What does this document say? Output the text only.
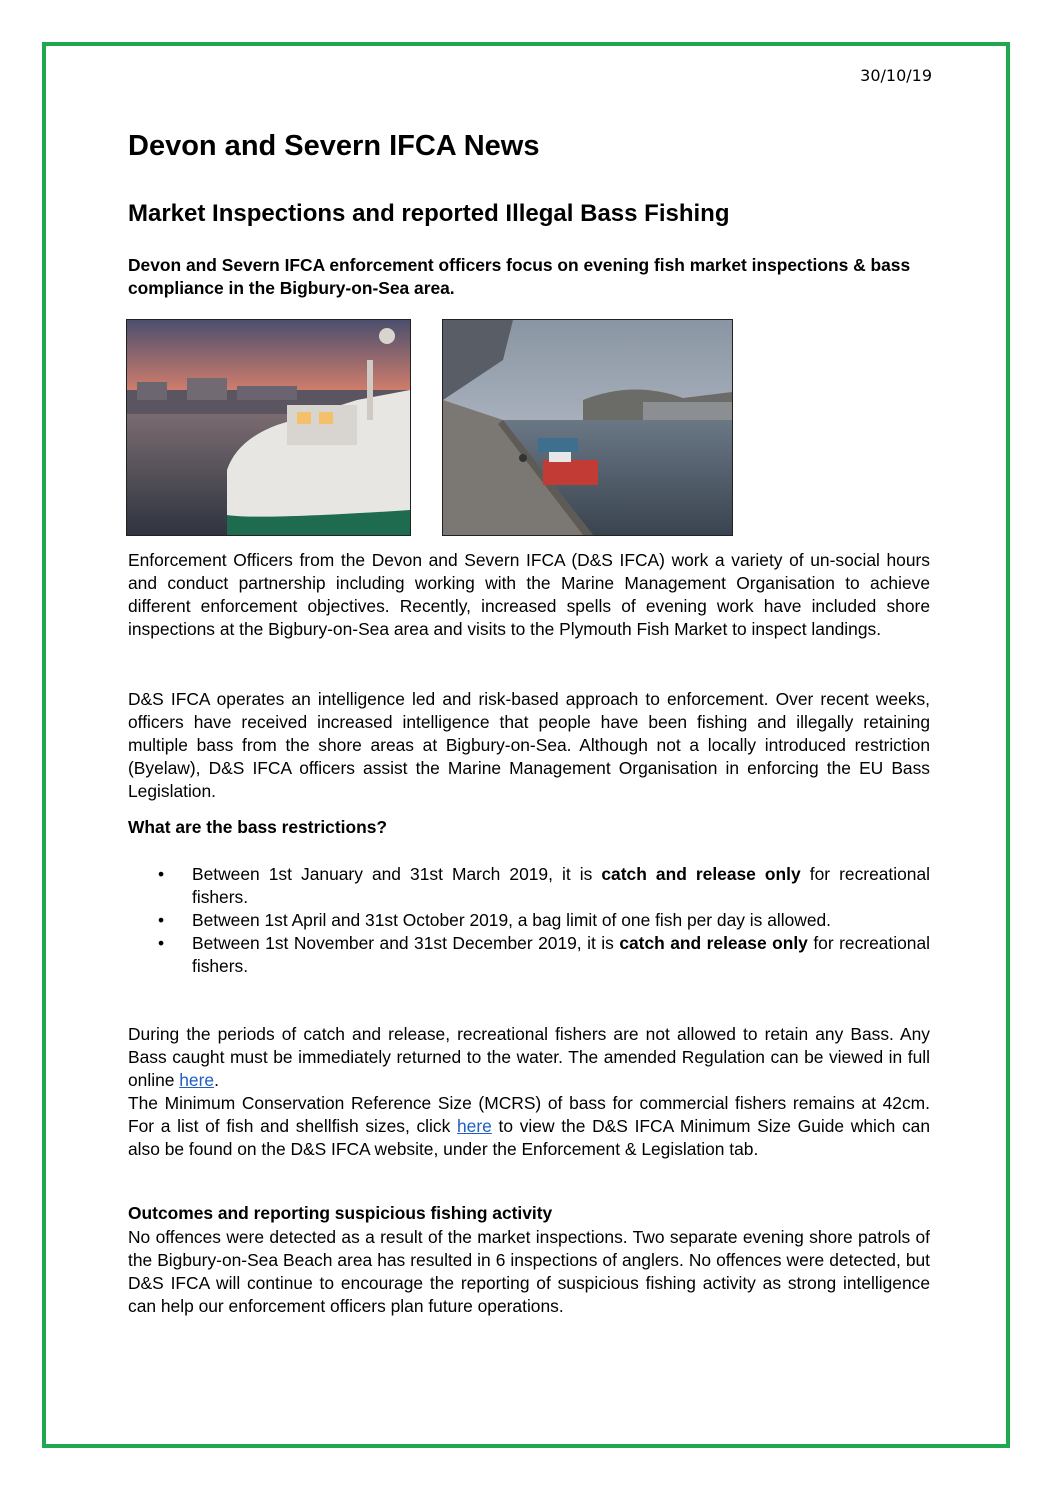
30/10/19
Devon and Severn IFCA News
Market Inspections and reported Illegal Bass Fishing

Devon and Severn IFCA enforcement officers focus on evening fish market inspections & bass compliance in the Bigbury-on-Sea area.

Enforcement Officers from the Devon and Severn IFCA (D&S IFCA) work a variety of un-social hours and conduct partnership including working with the Marine Management Organisation to achieve different enforcement objectives. Recently, increased spells of evening work have included shore inspections at the Bigbury-on-Sea area and visits to the Plymouth Fish Market to inspect landings.

D&S IFCA operates an intelligence led and risk-based approach to enforcement. Over recent weeks, officers have received increased intelligence that people have been fishing and illegally retaining multiple bass from the shore areas at Bigbury-on-Sea. Although not a locally introduced restriction (Byelaw), D&S IFCA officers assist the Marine Management Organisation in enforcing the EU Bass Legislation.

What are the bass restrictions?
• Between 1st January and 31st March 2019, it is catch and release only for recreational fishers.
• Between 1st April and 31st October 2019, a bag limit of one fish per day is allowed.
• Between 1st November and 31st December 2019, it is catch and release only for recreational fishers.

During the periods of catch and release, recreational fishers are not allowed to retain any Bass. Any Bass caught must be immediately returned to the water. The amended Regulation can be viewed in full online here.

The Minimum Conservation Reference Size (MCRS) of bass for commercial fishers remains at 42cm. For a list of fish and shellfish sizes, click here to view the D&S IFCA Minimum Size Guide which can also be found on the D&S IFCA website, under the Enforcement & Legislation tab.

Outcomes and reporting suspicious fishing activity

No offences were detected as a result of the market inspections. Two separate evening shore patrols of the Bigbury-on-Sea Beach area has resulted in 6 inspections of anglers. No offences were detected, but D&S IFCA will continue to encourage the reporting of suspicious fishing activity as strong intelligence can help our enforcement officers plan future operations.
